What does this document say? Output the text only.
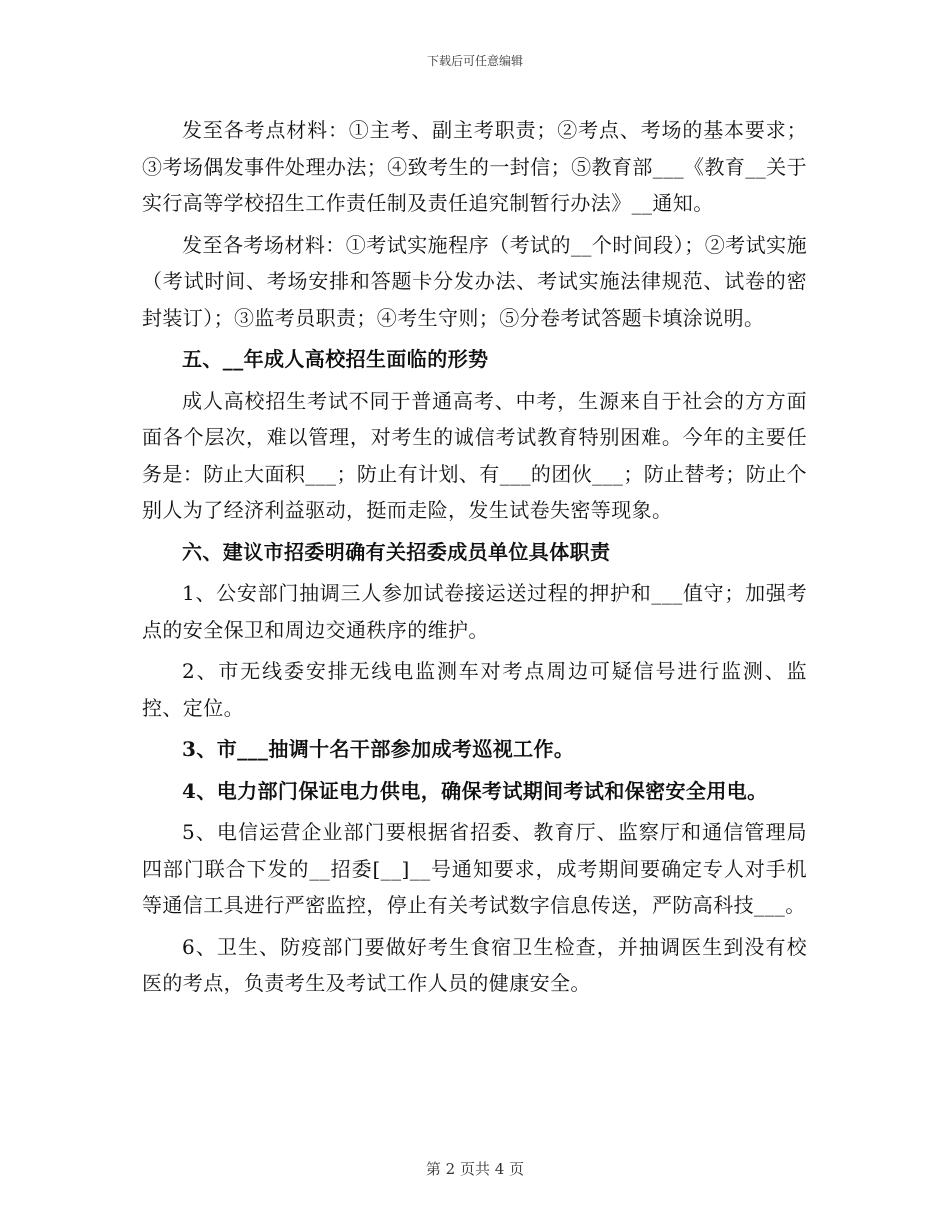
下载后可任意编辑

发至各考点材料：①主考、副主考职责；②考点、考场的基本要求；③考场偶发事件处理办法；④致考生的一封信；⑤教育部___《教育__关于实行高等学校招生工作责任制及责任追究制暂行办法》__通知。

发至各考场材料：①考试实施程序（考试的__个时间段）；②考试实施（考试时间、考场安排和答题卡分发办法、考试实施法律规范、试卷的密封装订）；③监考员职责；④考生守则；⑤分卷考试答题卡填涂说明。

五、__年成人高校招生面临的形势

成人高校招生考试不同于普通高考、中考，生源来自于社会的方方面面各个层次，难以管理，对考生的诚信考试教育特别困难。今年的主要任务是：防止大面积___；防止有计划、有___的团伙___；防止替考；防止个别人为了经济利益驱动，挺而走险，发生试卷失密等现象。

六、建议市招委明确有关招委成员单位具体职责

1、公安部门抽调三人参加试卷接运送过程的押护和___值守；加强考点的安全保卫和周边交通秩序的维护。

2、市无线委安排无线电监测车对考点周边可疑信号进行监测、监控、定位。

3、市___抽调十名干部参加成考巡视工作。

4、电力部门保证电力供电，确保考试期间考试和保密安全用电。

5、电信运营企业部门要根据省招委、教育厅、监察厅和通信管理局四部门联合下发的__招委[__]__号通知要求，成考期间要确定专人对手机等通信工具进行严密监控，停止有关考试数字信息传送，严防高科技___。

6、卫生、防疫部门要做好考生食宿卫生检查，并抽调医生到没有校医的考点，负责考生及考试工作人员的健康安全。

第 2 页共 4 页
